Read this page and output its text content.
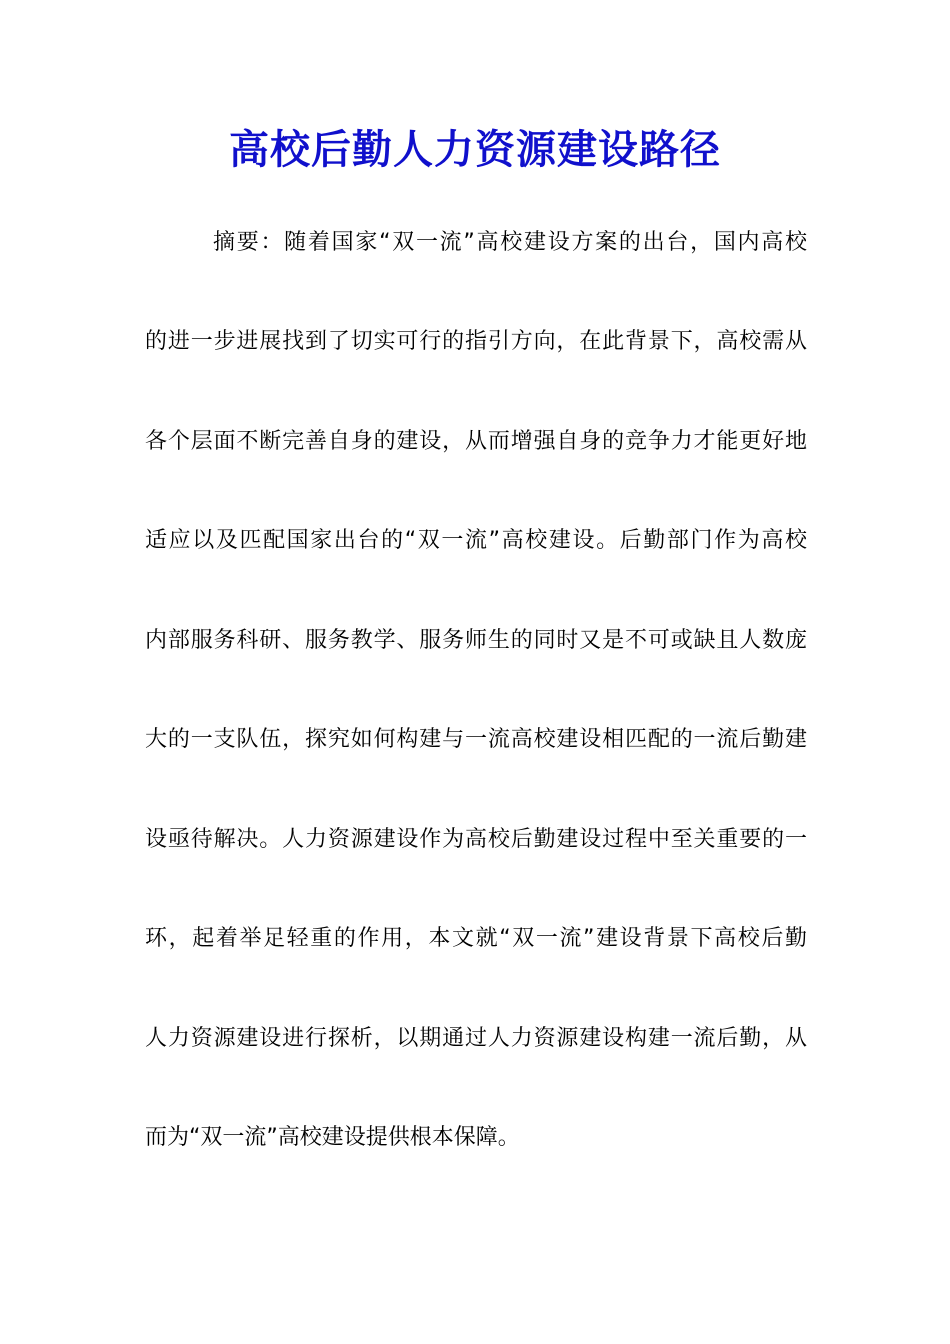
高校后勤人力资源建设路径
摘要：随着国家“双一流”高校建设方案的出台，国内高校
的进一步进展找到了切实可行的指引方向，在此背景下，高校需从
各个层面不断完善自身的建设，从而增强自身的竞争力才能更好地
适应以及匹配国家出台的“双一流”高校建设。后勤部门作为高校
内部服务科研、服务教学、服务师生的同时又是不可或缺且人数庞
大的一支队伍，探究如何构建与一流高校建设相匹配的一流后勤建
设亟待解决。人力资源建设作为高校后勤建设过程中至关重要的一
环，起着举足轻重的作用，本文就“双一流”建设背景下高校后勤
人力资源建设进行探析，以期通过人力资源建设构建一流后勤，从
而为“双一流”高校建设提供根本保障。
